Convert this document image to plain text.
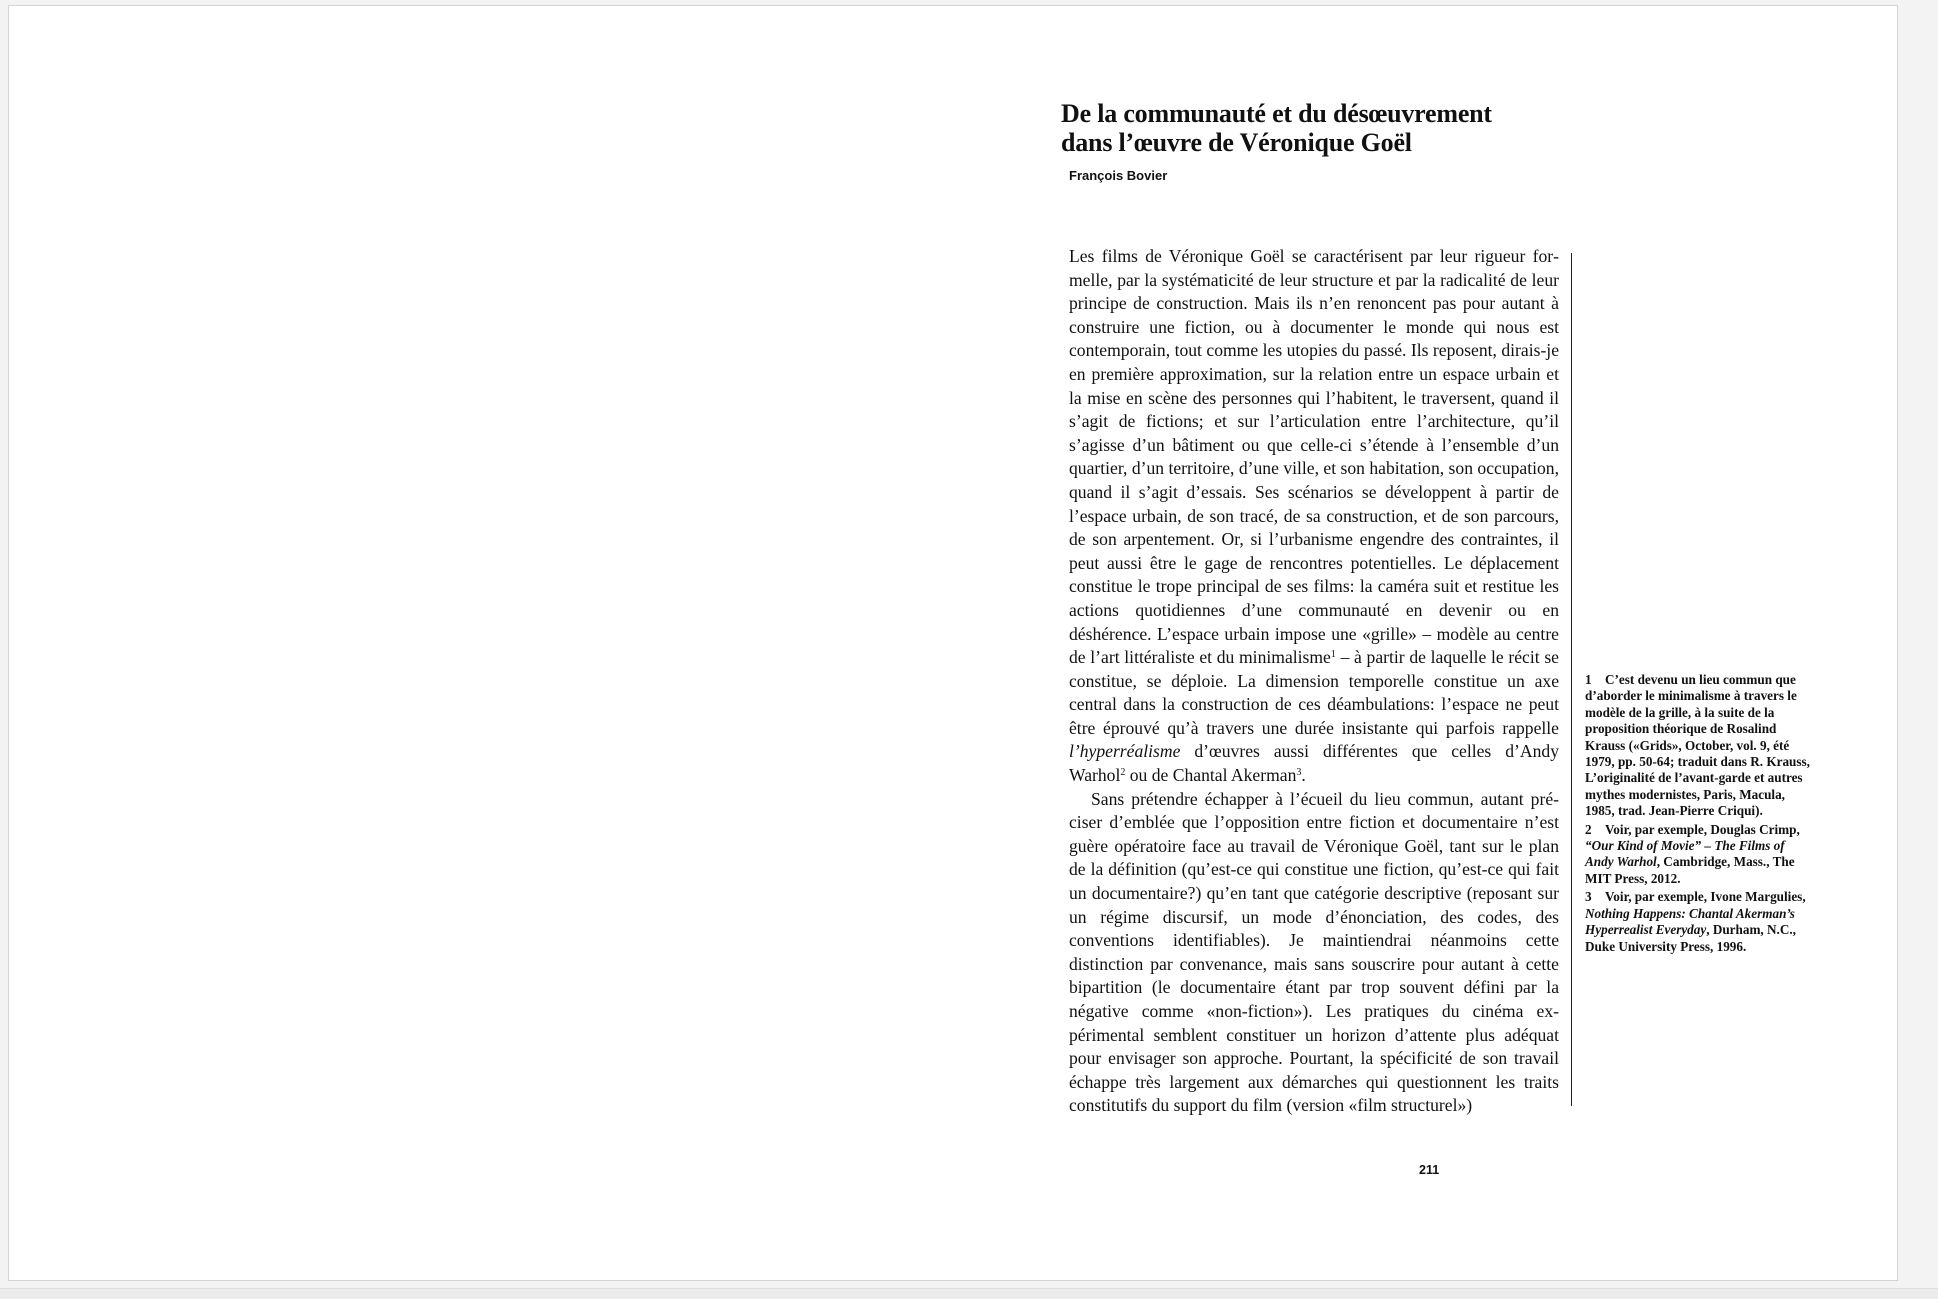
De la communauté et du désœuvrement
dans l’œuvre de Véronique Goël
François Bovier

Les films de Véronique Goël se caractérisent par leur rigueur formelle, par la systématicité de leur structure et par la radicalité de leur principe de construction. Mais ils n’en renoncent pas pour autant à construire une fiction, ou à documenter le monde qui nous est contemporain, tout comme les utopies du passé. Ils reposent, dirais-je en première approximation, sur la relation entre un espace urbain et la mise en scène des personnes qui l’habitent, le traversent, quand il s’agit de fictions; et sur l’articulation entre l’architecture, qu’il s’agisse d’un bâtiment ou que celle-ci s’étende à l’ensemble d’un quartier, d’un territoire, d’une ville, et son habitation, son occupation, quand il s’agit d’essais. Ses scénarios se développent à partir de l’espace urbain, de son tracé, de sa construction, et de son parcours, de son arpentement. Or, si l’urbanisme engendre des contraintes, il peut aussi être le gage de rencontres potentielles. Le déplacement constitue le trope principal de ses films: la caméra suit et restitue les actions quotidiennes d’une communauté en devenir ou en déshérence. L’espace urbain impose une «grille» – modèle au centre de l’art littéraliste et du minimalisme$^1$ – à partir de laquelle le récit se constitue, se déploie. La dimension temporelle constitue un axe central dans la construction de ces déambulations: l’espace ne peut être éprouvé qu’à travers une durée insistante qui parfois rappelle l’hyperréalisme d’œuvres aussi différentes que celles d’Andy Warhol$^2$ ou de Chantal Akerman$^3$.

Sans prétendre échapper à l’écueil du lieu commun, autant préciser d’emblée que l’opposition entre fiction et documentaire n’est guère opératoire face au travail de Véronique Goël, tant sur le plan de la définition (qu’est-ce qui constitue une fiction, qu’est-ce qui fait un documentaire?) qu’en tant que catégorie descriptive (reposant sur un régime discursif, un mode d’énonciation, des codes, des conventions identifiables). Je maintiendrai néanmoins cette distinction par convenance, mais sans souscrire pour autant à cette bipartition (le documentaire étant par trop souvent défini par la négative comme «non-fiction»). Les pratiques du cinéma expérimental semblent constituer un horizon d’attente plus adéquat pour envisager son approche. Pourtant, la spécificité de son travail échappe très largement aux démarches qui questionnent les traits constitutifs du support du film (version «film structurel»)

1 C’est devenu un lieu commun que d’aborder le minimalisme à travers le modèle de la grille, à la suite de la proposition théorique de Rosalind Krauss («Grids», October, vol. 9, été 1979, pp. 50-64; traduit dans R. Krauss, L’originalité de l’avant-garde et autres mythes modernistes, Paris, Macula, 1985, trad. Jean-Pierre Criqui).

2 Voir, par exemple, Douglas Crimp, “Our Kind of Movie” – The Films of Andy Warhol, Cambridge, Mass., The MIT Press, 2012.

3 Voir, par exemple, Ivone Margulies, Nothing Happens: Chantal Akerman’s Hyperrealist Everyday, Durham, N.C., Duke University Press, 1996.

211
